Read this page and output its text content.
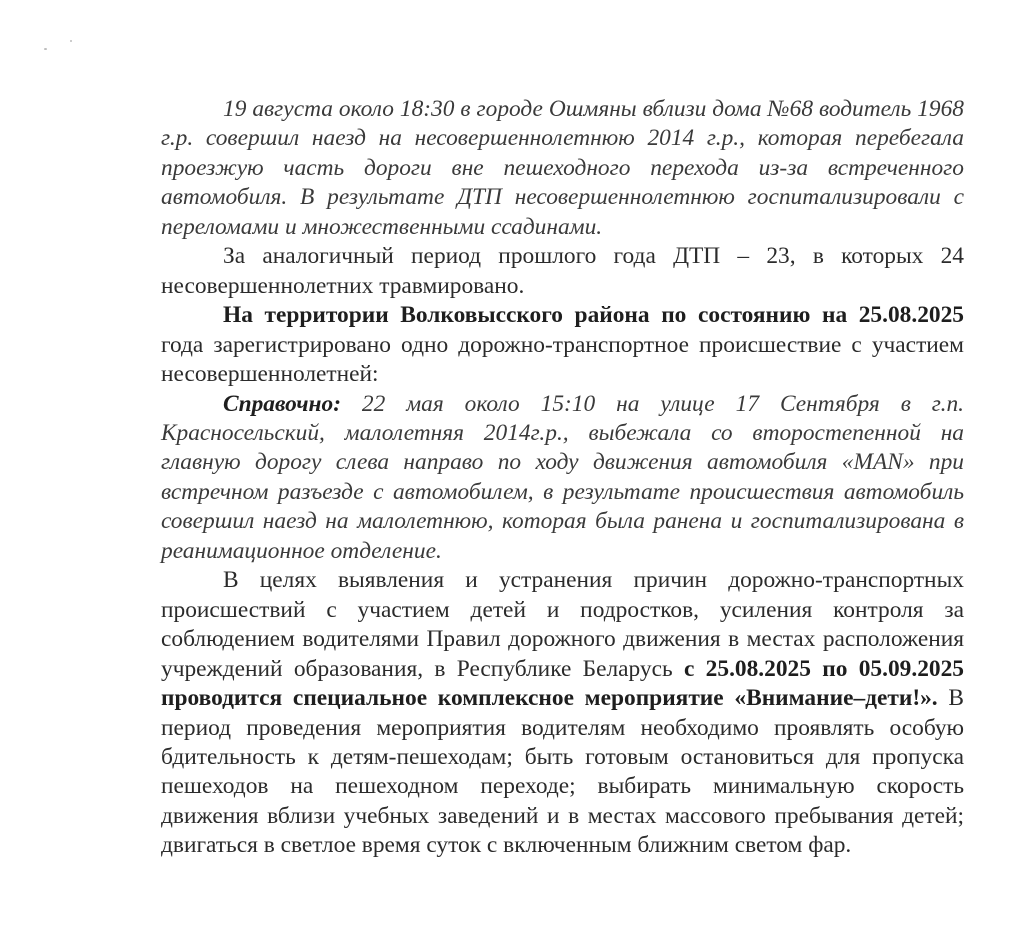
19 августа около 18:30 в городе Ошмяны вблизи дома №68 водитель 1968 г.р. совершил наезд на несовершеннолетнюю 2014 г.р., которая перебегала проезжую часть дороги вне пешеходного перехода из-за встреченного автомобиля. В результате ДТП несовершеннолетнюю госпитализировали с переломами и множественными ссадинами.

За аналогичный период прошлого года ДТП – 23, в которых 24 несовершеннолетних травмировано.

На территории Волковысского района по состоянию на 25.08.2025 года зарегистрировано одно дорожно-транспортное происшествие с участием несовершеннолетней:

Справочно: 22 мая около 15:10 на улице 17 Сентября в г.п. Красносельский, малолетняя 2014г.р., выбежала со второстепенной на главную дорогу слева направо по ходу движения автомобиля «MAN» при встречном разъезде с автомобилем, в результате происшествия автомобиль совершил наезд на малолетнюю, которая была ранена и госпитализирована в реанимационное отделение.

В целях выявления и устранения причин дорожно-транспортных происшествий с участием детей и подростков, усиления контроля за соблюдением водителями Правил дорожного движения в местах расположения учреждений образования, в Республике Беларусь с 25.08.2025 по 05.09.2025 проводится специальное комплексное мероприятие «Внимание–дети!». В период проведения мероприятия водителям необходимо проявлять особую бдительность к детям-пешеходам; быть готовым остановиться для пропуска пешеходов на пешеходном переходе; выбирать минимальную скорость движения вблизи учебных заведений и в местах массового пребывания детей; двигаться в светлое время суток с включенным ближним светом фар.
